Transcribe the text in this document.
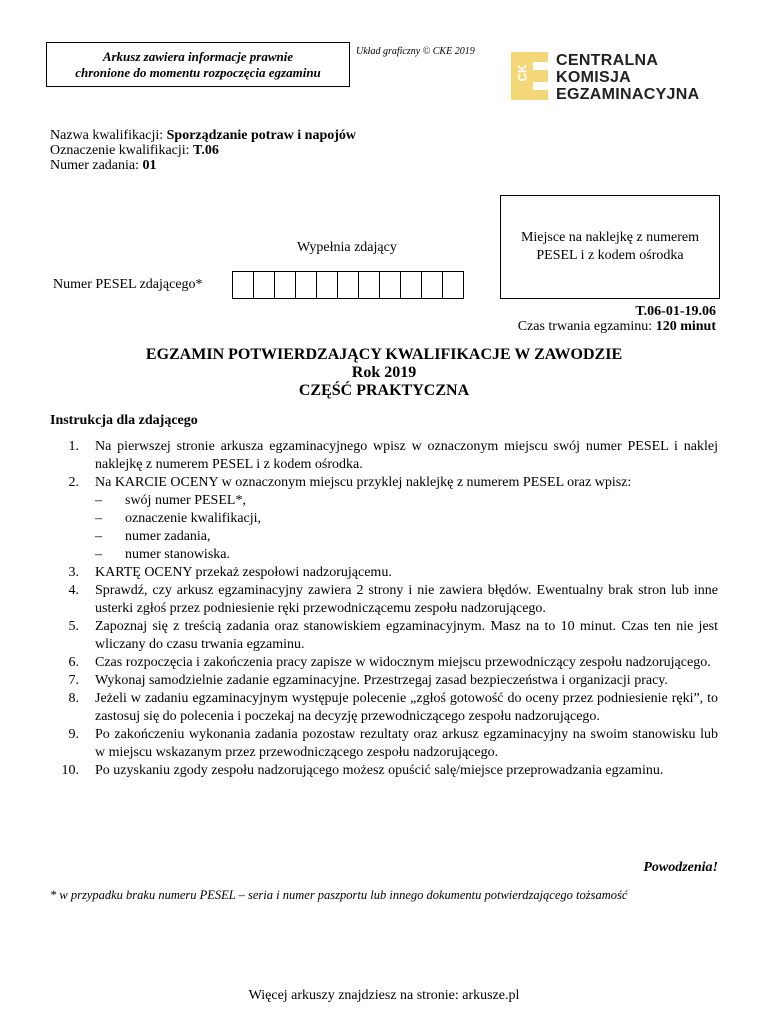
Arkusz zawiera informacje prawnie
chronione do momentu rozpoczęcia egzaminu
Układ graficzny © CKE 2019
CK
CENTRALNA
KOMISJA
EGZAMINACYJNA
Nazwa kwalifikacji: Sporządzanie potraw i napojów
Oznaczenie kwalifikacji: T.06
Numer zadania: 01
Miejsce na naklejkę z numerem
PESEL i z kodem ośrodka
Wypełnia zdający
Numer PESEL zdającego*
T.06-01-19.06
Czas trwania egzaminu: 120 minut
EGZAMIN POTWIERDZAJĄCY KWALIFIKACJE W ZAWODZIE
Rok 2019
CZĘŚĆ PRAKTYCZNA
Instrukcja dla zdającego
1.	Na pierwszej stronie arkusza egzaminacyjnego wpisz w oznaczonym miejscu swój numer PESEL i naklej naklejkę z numerem PESEL i z kodem ośrodka.
2.	Na KARCIE OCENY w oznaczonym miejscu przyklej naklejkę z numerem PESEL oraz wpisz:
–	swój numer PESEL*,
–	oznaczenie kwalifikacji,
–	numer zadania,
–	numer stanowiska.
3.	KARTĘ OCENY przekaż zespołowi nadzorującemu.
4.	Sprawdź, czy arkusz egzaminacyjny zawiera 2 strony i nie zawiera błędów. Ewentualny brak stron lub inne usterki zgłoś przez podniesienie ręki przewodniczącemu zespołu nadzorującego.
5.	Zapoznaj się z treścią zadania oraz stanowiskiem egzaminacyjnym. Masz na to 10 minut. Czas ten nie jest wliczany do czasu trwania egzaminu.
6.	Czas rozpoczęcia i zakończenia pracy zapisze w widocznym miejscu przewodniczący zespołu nadzorującego.
7.	Wykonaj samodzielnie zadanie egzaminacyjne. Przestrzegaj zasad bezpieczeństwa i organizacji pracy.
8.	Jeżeli w zadaniu egzaminacyjnym występuje polecenie „zgłoś gotowość do oceny przez podniesienie ręki”, to zastosuj się do polecenia i poczekaj na decyzję przewodniczącego zespołu nadzorującego.
9.	Po zakończeniu wykonania zadania pozostaw rezultaty oraz arkusz egzaminacyjny na swoim stanowisku lub w miejscu wskazanym przez przewodniczącego zespołu nadzorującego.
10.	Po uzyskaniu zgody zespołu nadzorującego możesz opuścić salę/miejsce przeprowadzania egzaminu.
Powodzenia!
* w przypadku braku numeru PESEL – seria i numer paszportu lub innego dokumentu potwierdzającego tożsamość
Więcej arkuszy znajdziesz na stronie: arkusze.pl
